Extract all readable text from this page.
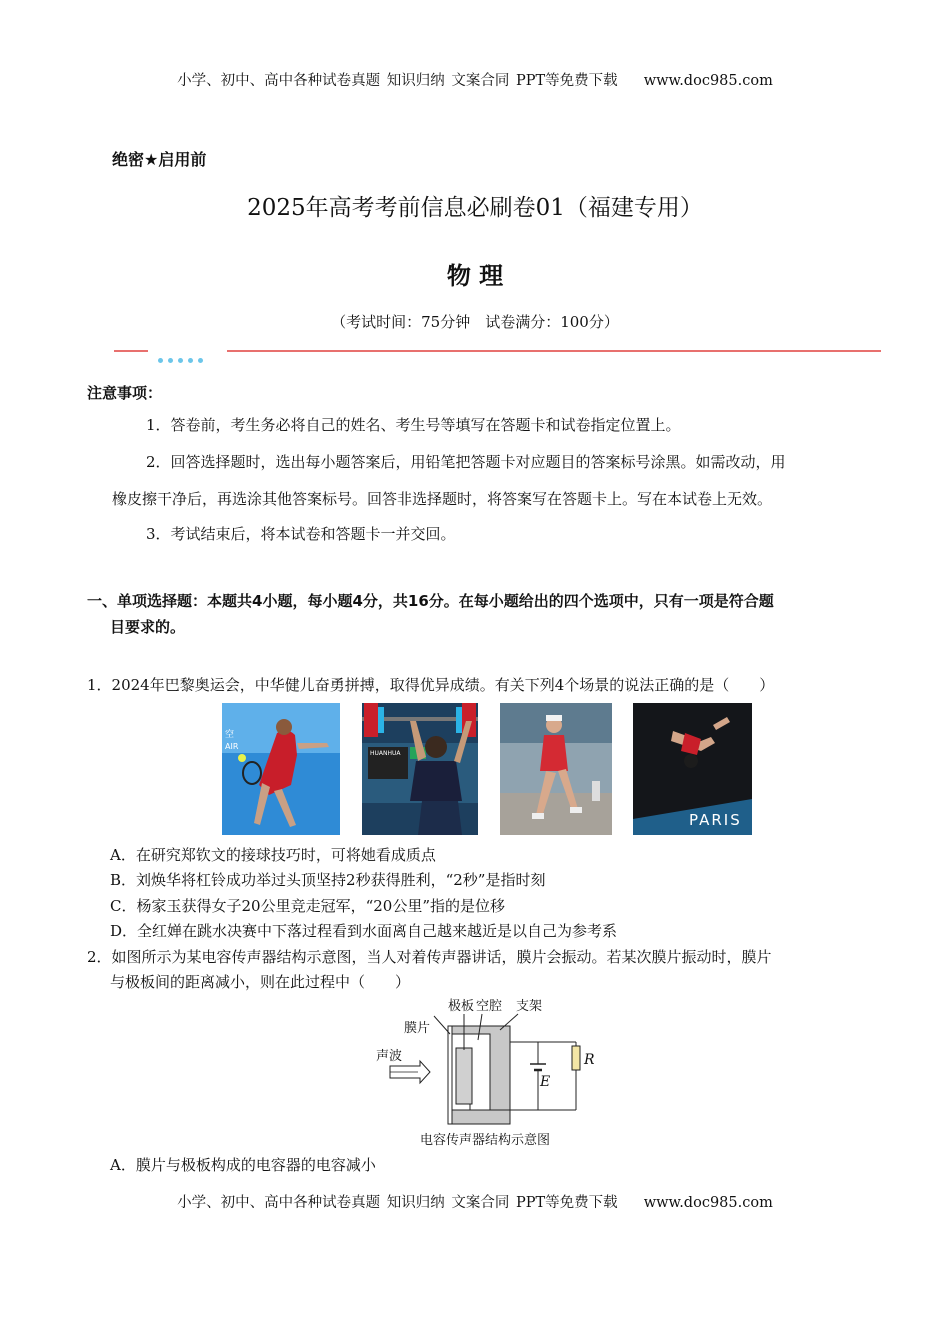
小学、初中、高中各种试卷真题 知识归纳 文案合同 PPT等免费下载 www.doc985.com
绝密★启用前
2025年高考考前信息必刷卷01（福建专用）
物 理
（考试时间：75分钟　试卷满分：100分）
注意事项：
1．答卷前，考生务必将自己的姓名、考生号等填写在答题卡和试卷指定位置上。
2．回答选择题时，选出每小题答案后，用铅笔把答题卡对应题目的答案标号涂黑。如需改动，用
橡皮擦干净后，再选涂其他答案标号。回答非选择题时，将答案写在答题卡上。写在本试卷上无效。
3．考试结束后，将本试卷和答题卡一并交回。
一、单项选择题：本题共4小题，每小题4分，共16分。在每小题给出的四个选项中，只有一项是符合题
目要求的。
1．2024年巴黎奥运会，中华健儿奋勇拼搏，取得优异成绩。有关下列4个场景的说法正确的是（　　）
空
AIR
HUANHUA
PARIS
A．在研究郑钦文的接球技巧时，可将她看成质点
B．刘焕华将杠铃成功举过头顶坚持2秒获得胜利，“2秒”是指时刻
C．杨家玉获得女子20公里竞走冠军，“20公里”指的是位移
D．全红婵在跳水决赛中下落过程看到水面离自己越来越近是以自己为参考系
2．如图所示为某电容传声器结构示意图，当人对着传声器讲话，膜片会振动。若某次膜片振动时，膜片
与极板间的距离减小，则在此过程中（　　）
极板 空腔 支架
膜片
声波
E
R
电容传声器结构示意图
A．膜片与极板构成的电容器的电容减小
小学、初中、高中各种试卷真题 知识归纳 文案合同 PPT等免费下载 www.doc985.com
